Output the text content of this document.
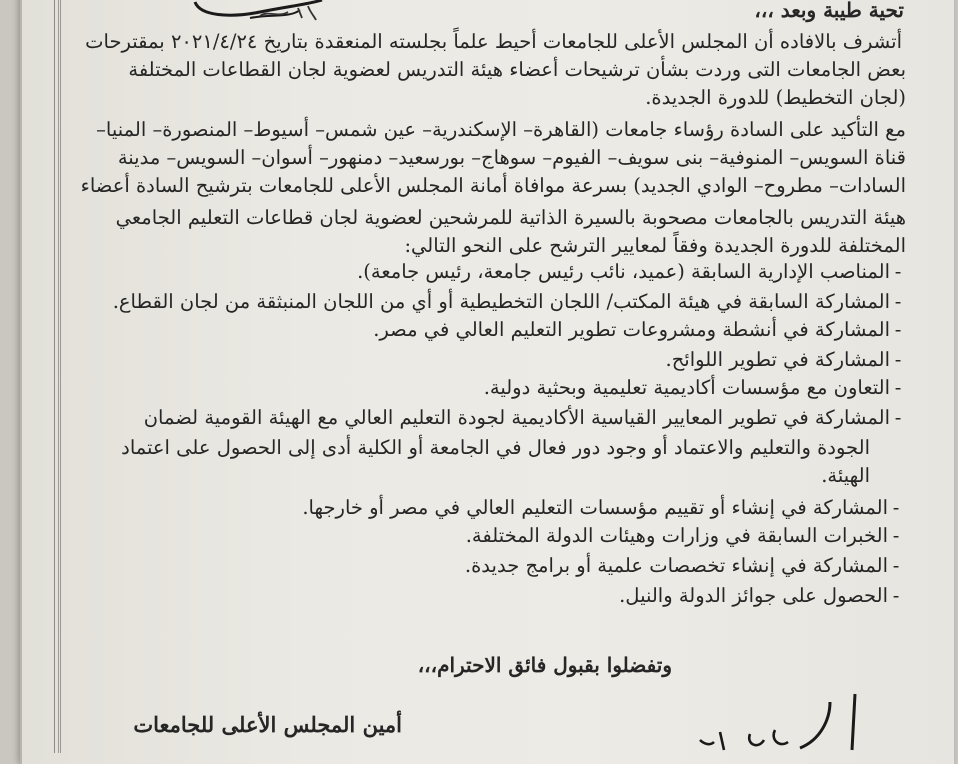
تحية طيبة وبعد ،،،
أتشرف بالافاده أن المجلس الأعلى للجامعات أحيط علماً بجلسته المنعقدة بتاريخ ٢٠٢١/٤/٢٤ بمقترحات
بعض الجامعات التى وردت بشأن ترشيحات أعضاء هيئة التدريس لعضوية لجان القطاعات المختلفة
(لجان التخطيط) للدورة الجديدة.
مع التأكيد على السادة رؤساء جامعات (القاهرة– الإسكندرية– عين شمس– أسيوط– المنصورة– المنيا–
قناة السويس– المنوفية– بنى سويف– الفيوم– سوهاج– بورسعيد– دمنهور– أسوان– السويس– مدينة
السادات– مطروح– الوادي الجديد) بسرعة موافاة أمانة المجلس الأعلى للجامعات بترشيح السادة أعضاء
هيئة التدريس بالجامعات مصحوبة بالسيرة الذاتية للمرشحين لعضوية لجان قطاعات التعليم الجامعي
المختلفة للدورة الجديدة وفقاً لمعايير الترشح على النحو التالي:
-المناصب الإدارية السابقة (عميد، نائب رئيس جامعة، رئيس جامعة).
-المشاركة السابقة في هيئة المكتب/ اللجان التخطيطية أو أي من اللجان المنبثقة من لجان القطاع.
-المشاركة في أنشطة ومشروعات تطوير التعليم العالي في مصر.
-المشاركة في تطوير اللوائح.
-التعاون مع مؤسسات أكاديمية تعليمية وبحثية دولية.
-المشاركة في تطوير المعايير القياسية الأكاديمية لجودة التعليم العالي مع الهيئة القومية لضمان
الجودة والتعليم والاعتماد أو وجود دور فعال في الجامعة أو الكلية أدى إلى الحصول على اعتماد
الهيئة.
-المشاركة في إنشاء أو تقييم مؤسسات التعليم العالي في مصر أو خارجها.
-الخبرات السابقة في وزارات وهيئات الدولة المختلفة.
-المشاركة في إنشاء تخصصات علمية أو برامج جديدة.
-الحصول على جوائز الدولة والنيل.
وتفضلوا بقبول فائق الاحترام،،،
أمين المجلس الأعلى للجامعات
